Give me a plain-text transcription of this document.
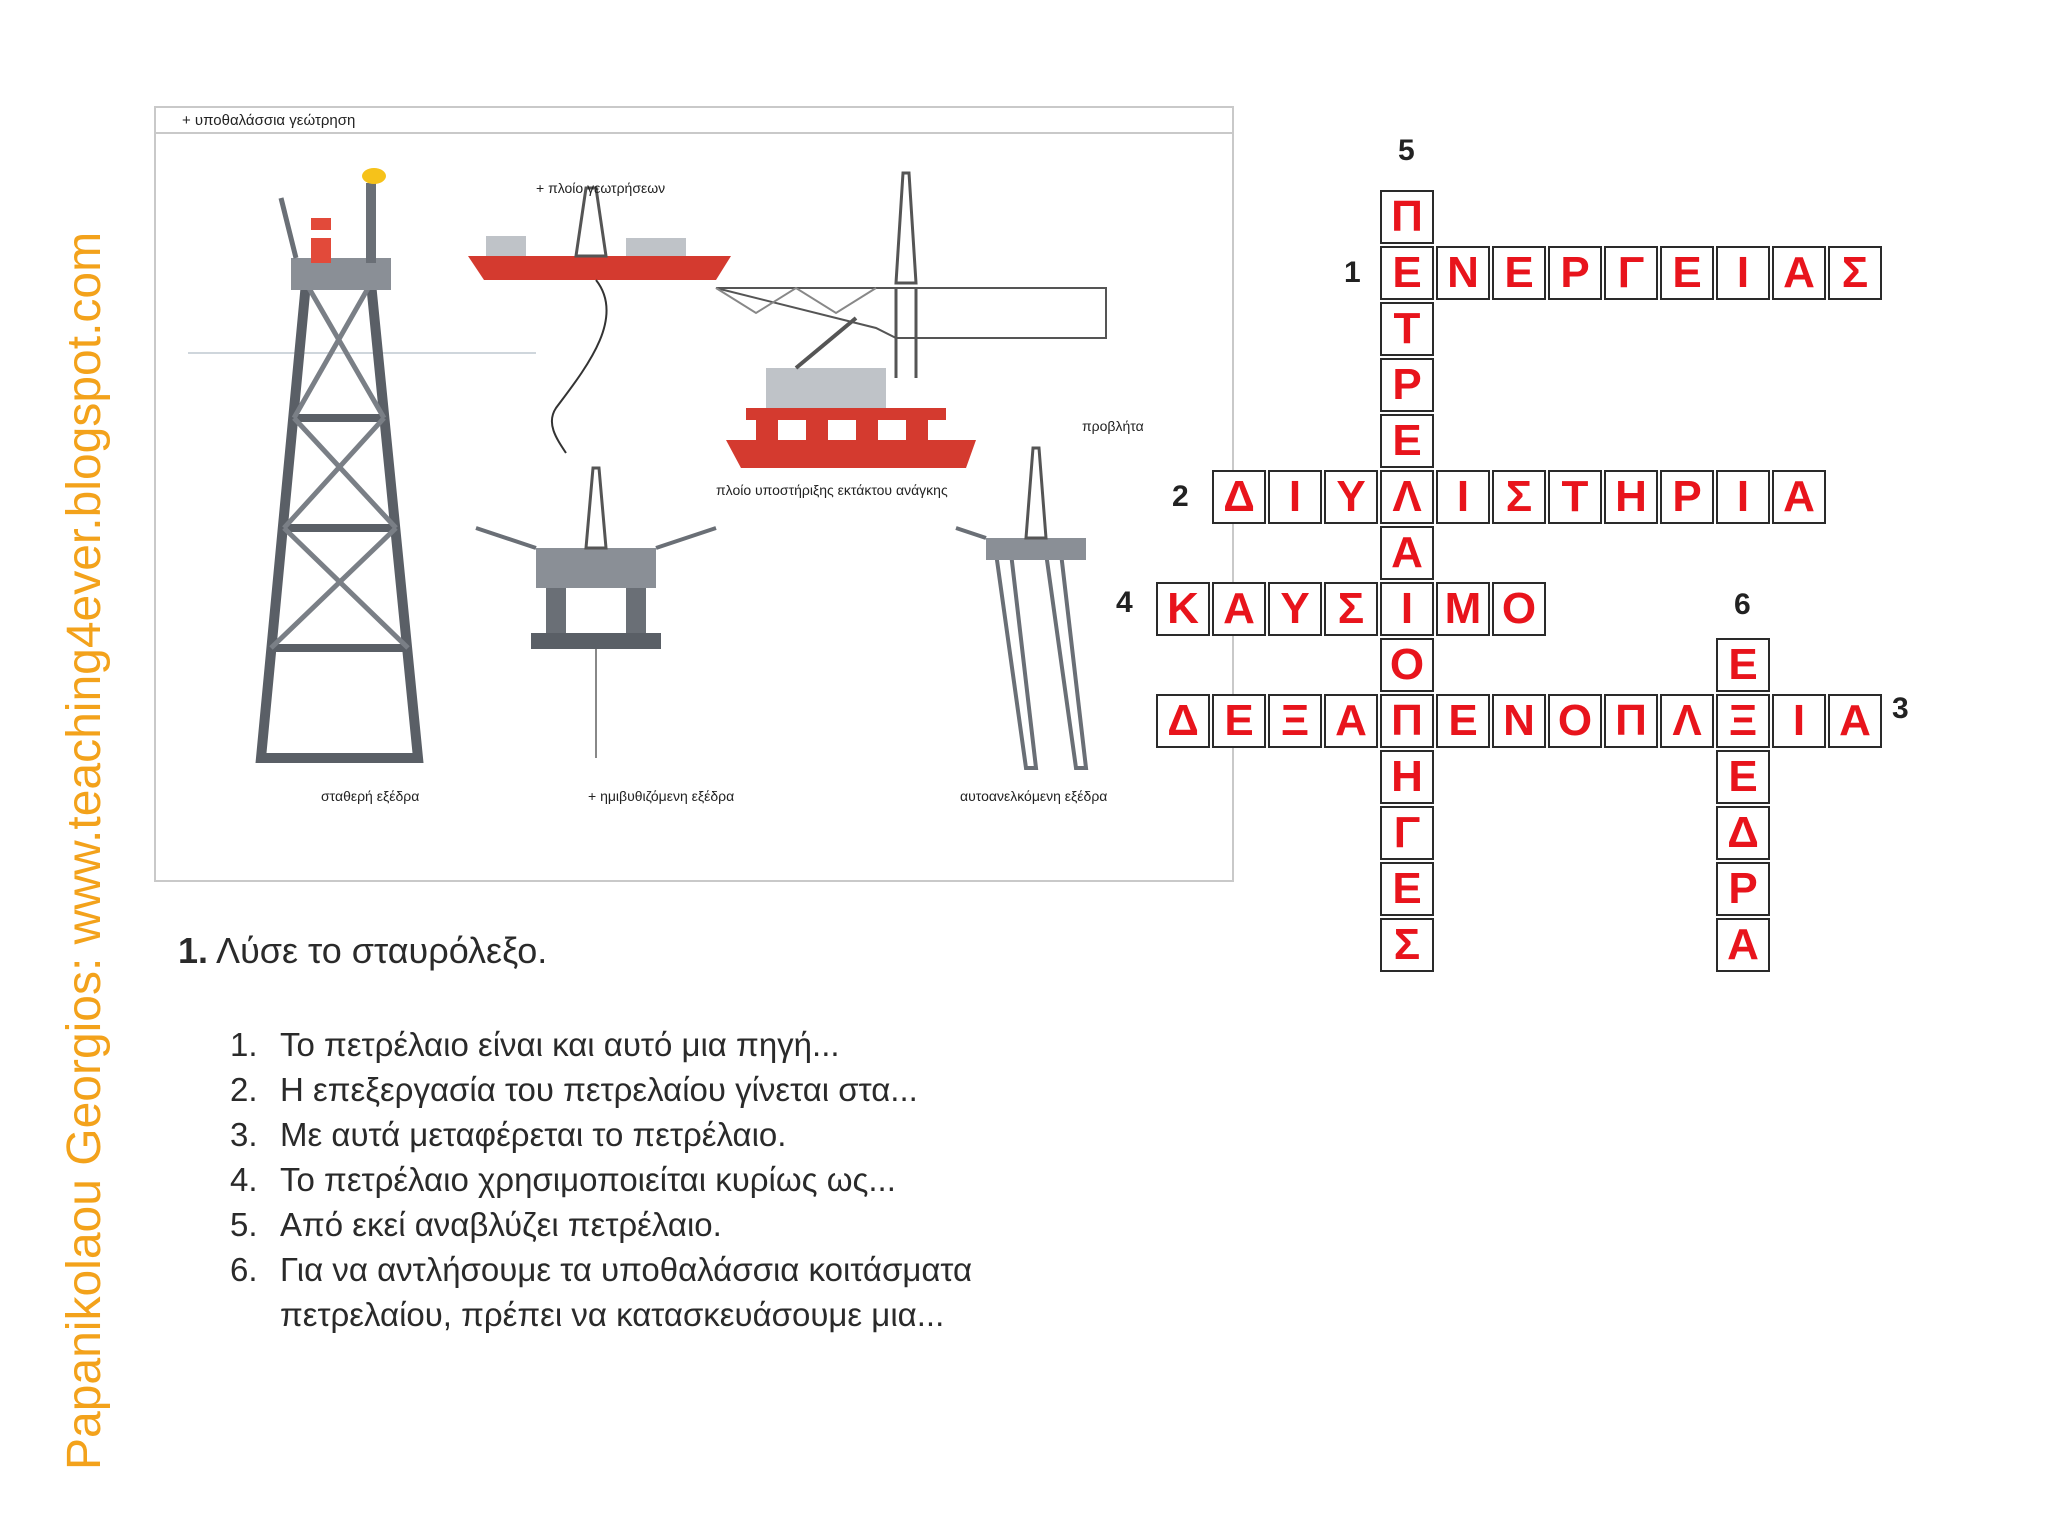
Papanikolaou Georgios: www.teaching4ever.blogspot.com
+ υποθαλάσσια γεώτρηση
+ πλοίο γεωτρήσεων
προβλήτα
πλοίο υποστήριξης εκτάκτου ανάγκης
σταθερή εξέδρα	+ ημιβυθιζόμενη εξέδρα	αυτοανελκόμενη εξέδρα
1. Λύσε το σταυρόλεξο.
1. Το πετρέλαιο είναι και αυτό μια πηγή...
2. Η επεξεργασία του πετρελαίου γίνεται στα...
3. Με αυτά μεταφέρεται το πετρέλαιο.
4. Το πετρέλαιο χρησιμοποιείται κυρίως ως...
5. Από εκεί αναβλύζει πετρέλαιο.
6. Για να αντλήσουμε τα υποθαλάσσια κοιτάσματα πετρελαίου, πρέπει να κατασκευάσουμε μια...
Ε Ν Ε Ρ Γ Ε Ι Α Σ
Δ Ι Υ Λ Ι Σ Τ Η Ρ Ι Α
Κ Α Υ Σ Ι Μ Ο
Δ Ε Ξ Α Π Ε Ν Ο Π Λ Ξ Ι Α
Π
Τ
Ρ
Ε
Α
Ο
Η
Γ
Ε
Σ
Ε
Ε
Δ
Ρ
Α
1
2
4
3
5
6
